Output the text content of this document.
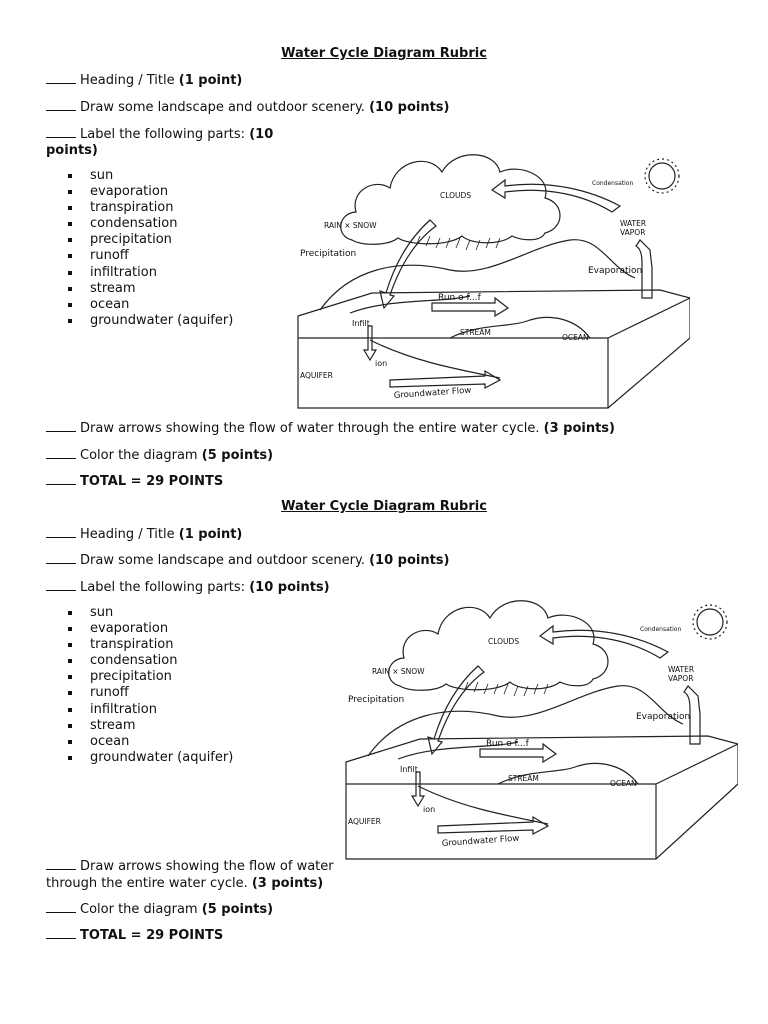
Water Cycle Diagram Rubric
Heading / Title (1 point)
Draw some landscape and outdoor scenery. (10 points)
Label the following parts: (10 points)
sun
evaporation
transpiration
condensation
precipitation
runoff
infiltration
stream
ocean
groundwater (aquifer)
CLOUDS
Condensation
RAIN × SNOW	WATER
VAPOR
Precipitation
Evaporation
Run o f...f
Infilt
ion
STREAM
OCEAN
AQUIFER
Groundwater Flow
Draw arrows showing the flow of water through the entire water cycle. (3 points)
Color the diagram (5 points)
TOTAL = 29 POINTS
Water Cycle Diagram Rubric
Heading / Title (1 point)
Draw some landscape and outdoor scenery. (10 points)
Label the following parts: (10 points)
sun
evaporation
transpiration
condensation
precipitation
runoff
infiltration
stream
ocean
groundwater (aquifer)
CLOUDS
Condensation
RAIN × SNOW	WATER
VAPOR
Precipitation
Evaporation
Run o f...f
Infilt
ion
STREAM
OCEAN
AQUIFER
Groundwater Flow
Draw arrows showing the flow of water through the entire water cycle. (3 points)
Color the diagram (5 points)
TOTAL = 29 POINTS
